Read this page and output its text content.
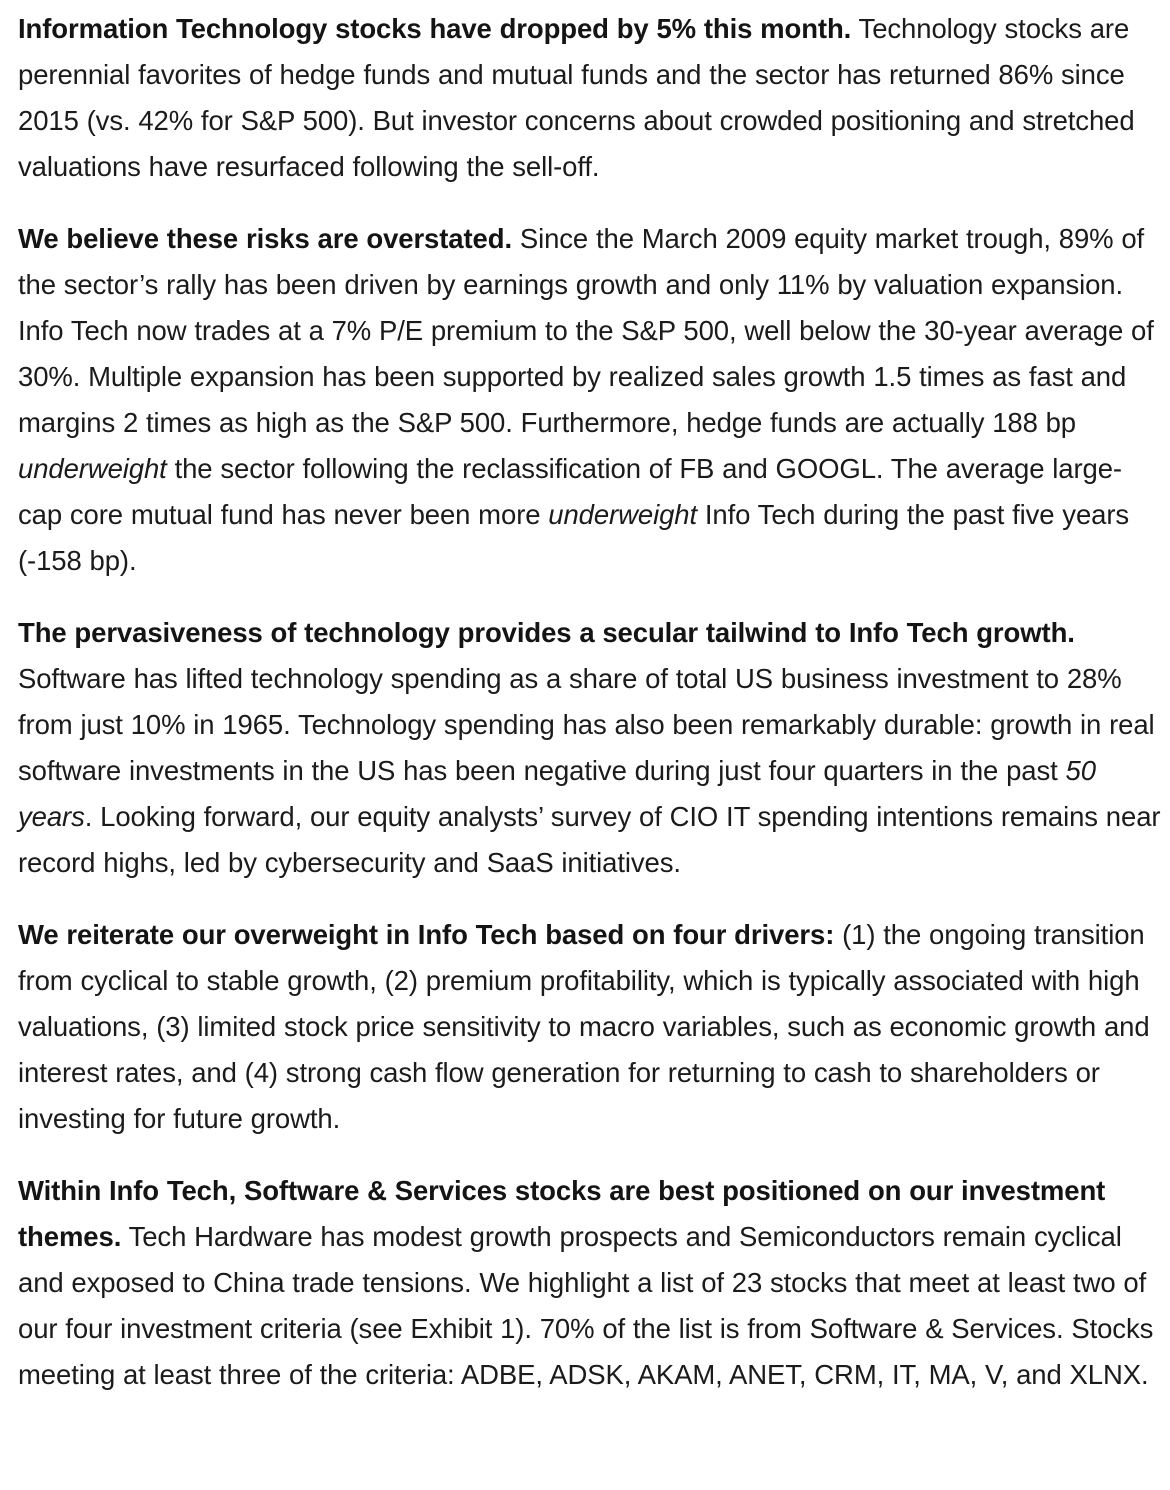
Information Technology stocks have dropped by 5% this month. Technology stocks are perennial favorites of hedge funds and mutual funds and the sector has returned 86% since 2015 (vs. 42% for S&P 500). But investor concerns about crowded positioning and stretched valuations have resurfaced following the sell-off.

We believe these risks are overstated. Since the March 2009 equity market trough, 89% of the sector’s rally has been driven by earnings growth and only 11% by valuation expansion. Info Tech now trades at a 7% P/E premium to the S&P 500, well below the 30-year average of 30%. Multiple expansion has been supported by realized sales growth 1.5 times as fast and margins 2 times as high as the S&P 500. Furthermore, hedge funds are actually 188 bp underweight the sector following the reclassification of FB and GOOGL. The average large-cap core mutual fund has never been more underweight Info Tech during the past five years (-158 bp).

The pervasiveness of technology provides a secular tailwind to Info Tech growth. Software has lifted technology spending as a share of total US business investment to 28% from just 10% in 1965. Technology spending has also been remarkably durable: growth in real software investments in the US has been negative during just four quarters in the past 50 years. Looking forward, our equity analysts’ survey of CIO IT spending intentions remains near record highs, led by cybersecurity and SaaS initiatives.

We reiterate our overweight in Info Tech based on four drivers: (1) the ongoing transition from cyclical to stable growth, (2) premium profitability, which is typically associated with high valuations, (3) limited stock price sensitivity to macro variables, such as economic growth and interest rates, and (4) strong cash flow generation for returning to cash to shareholders or investing for future growth.

Within Info Tech, Software & Services stocks are best positioned on our investment themes. Tech Hardware has modest growth prospects and Semiconductors remain cyclical and exposed to China trade tensions. We highlight a list of 23 stocks that meet at least two of our four investment criteria (see Exhibit 1). 70% of the list is from Software & Services. Stocks meeting at least three of the criteria: ADBE, ADSK, AKAM, ANET, CRM, IT, MA, V, and XLNX.
